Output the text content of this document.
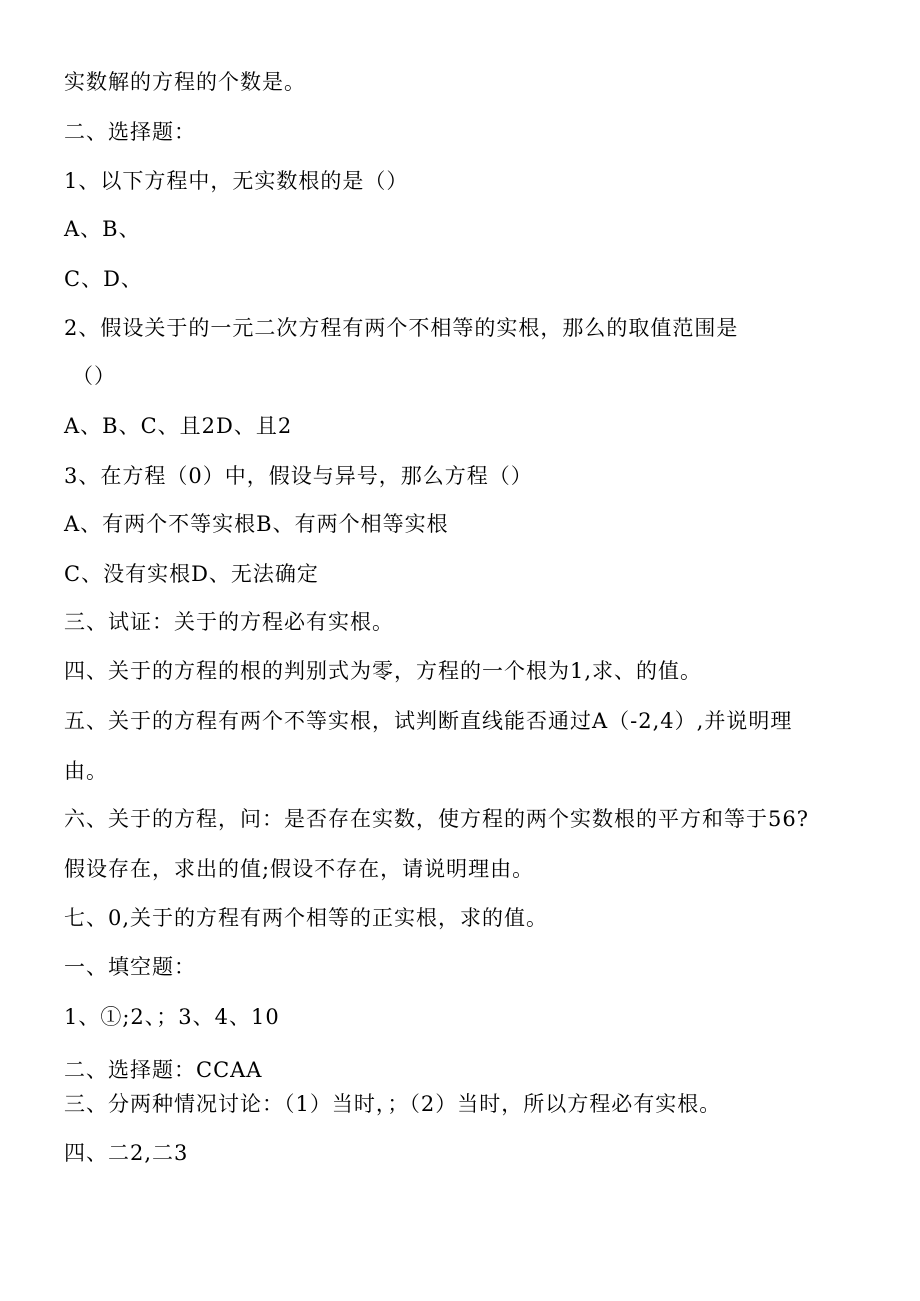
实数解的方程的个数是。

二、选择题：

1、以下方程中，无实数根的是（）

A、B、

C、D、

2、假设关于的一元二次方程有两个不相等的实根，那么的取值范围是

（）

A、B、C、且2D、且2

3、在方程（0）中，假设与异号，那么方程（）

A、有两个不等实根B、有两个相等实根

C、没有实根D、无法确定

三、试证：关于的方程必有实根。

四、关于的方程的根的判别式为零，方程的一个根为1,求、的值。

五、关于的方程有两个不等实根，试判断直线能否通过A（-2,4）,并说明理

由。

六、关于的方程，问：是否存在实数，使方程的两个实数根的平方和等于56?

假设存在，求出的值;假设不存在，请说明理由。

七、0,关于的方程有两个相等的正实根，求的值。

一、填空题：

1、①;2、；3、4、10

二、选择题：CCAA

三、分两种情况讨论：（1）当时，；（2）当时，所以方程必有实根。

四、二2,二3
